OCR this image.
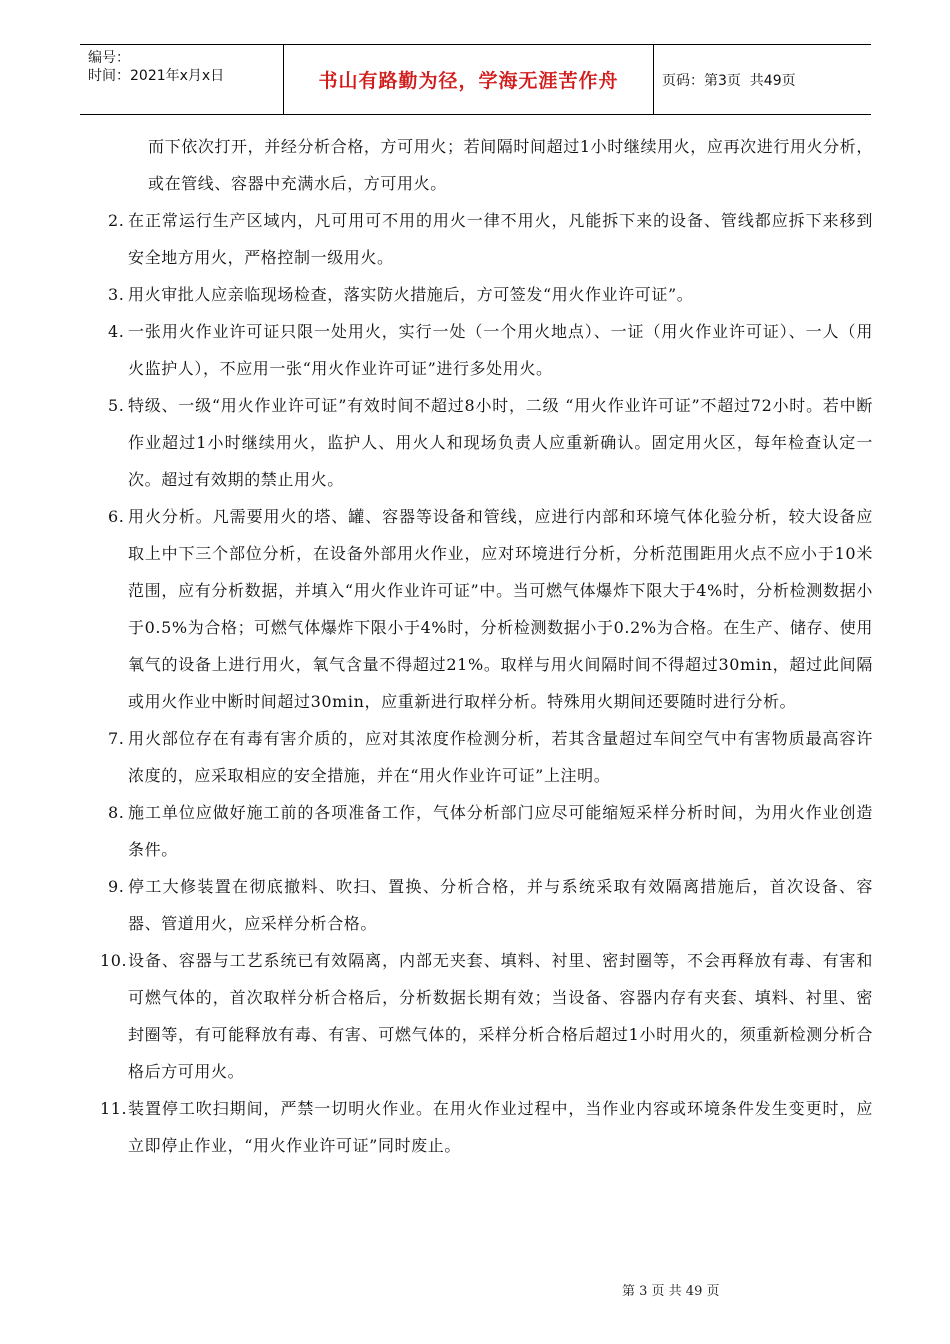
编号：
时间：2021年x月x日	书山有路勤为径，学海无涯苦作舟	页码：第3页  共49页

而下依次打开，并经分析合格，方可用火；若间隔时间超过1小时继续用火，应再次进行用火分析，或在管线、容器中充满水后，方可用火。

2. 在正常运行生产区域内，凡可用可不用的用火一律不用火，凡能拆下来的设备、管线都应拆下来移到安全地方用火，严格控制一级用火。

3. 用火审批人应亲临现场检查，落实防火措施后，方可签发“用火作业许可证”。

4. 一张用火作业许可证只限一处用火，实行一处（一个用火地点）、一证（用火作业许可证）、一人（用火监护人），不应用一张“用火作业许可证”进行多处用火。

5. 特级、一级“用火作业许可证”有效时间不超过8小时，二级 “用火作业许可证”不超过72小时。若中断作业超过1小时继续用火，监护人、用火人和现场负责人应重新确认。固定用火区，每年检查认定一次。超过有效期的禁止用火。

6. 用火分析。凡需要用火的塔、罐、容器等设备和管线，应进行内部和环境气体化验分析，较大设备应取上中下三个部位分析，在设备外部用火作业，应对环境进行分析，分析范围距用火点不应小于10米范围，应有分析数据，并填入“用火作业许可证”中。当可燃气体爆炸下限大于4%时，分析检测数据小于0.5%为合格；可燃气体爆炸下限小于4%时，分析检测数据小于0.2%为合格。在生产、储存、使用氧气的设备上进行用火，氧气含量不得超过21%。取样与用火间隔时间不得超过30min，超过此间隔或用火作业中断时间超过30min，应重新进行取样分析。特殊用火期间还要随时进行分析。

7. 用火部位存在有毒有害介质的，应对其浓度作检测分析，若其含量超过车间空气中有害物质最高容许浓度的，应采取相应的安全措施，并在“用火作业许可证”上注明。

8. 施工单位应做好施工前的各项准备工作，气体分析部门应尽可能缩短采样分析时间，为用火作业创造条件。

9. 停工大修装置在彻底撤料、吹扫、置换、分析合格，并与系统采取有效隔离措施后，首次设备、容器、管道用火，应采样分析合格。

10. 设备、容器与工艺系统已有效隔离，内部无夹套、填料、衬里、密封圈等，不会再释放有毒、有害和可燃气体的，首次取样分析合格后，分析数据长期有效；当设备、容器内存有夹套、填料、衬里、密封圈等，有可能释放有毒、有害、可燃气体的，采样分析合格后超过1小时用火的，须重新检测分析合格后方可用火。

11. 装置停工吹扫期间，严禁一切明火作业。在用火作业过程中，当作业内容或环境条件发生变更时，应立即停止作业，“用火作业许可证”同时废止。

第 3 页 共 49 页
